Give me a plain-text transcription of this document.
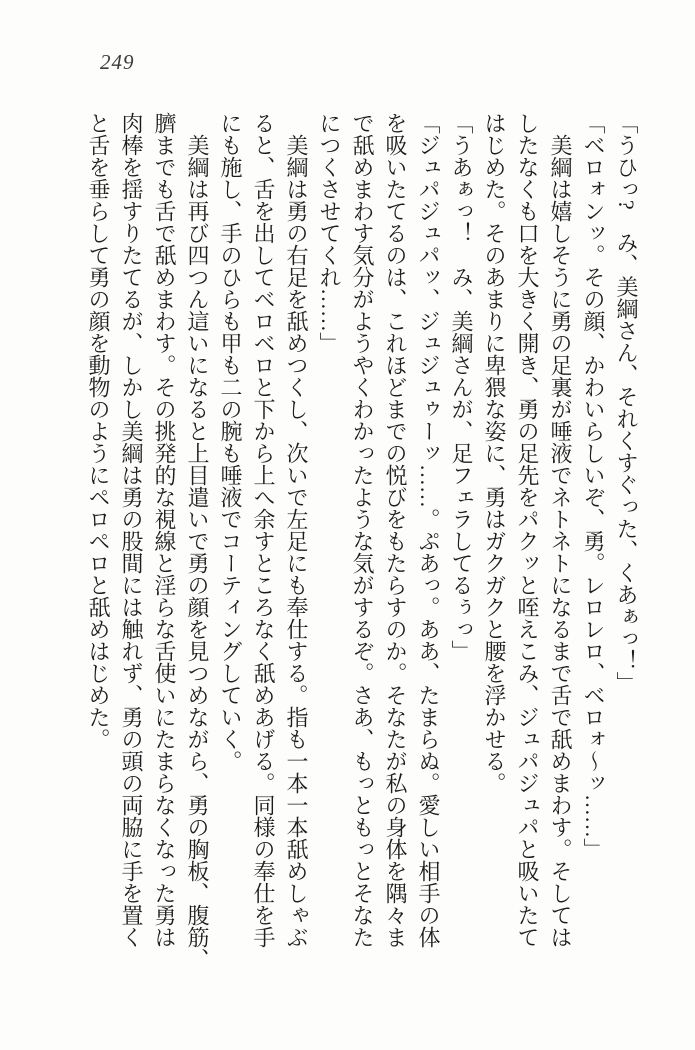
249
「うひっ?　み、美綱さん、それくすぐった、くあぁっ！」
「ベロォンッ。その顔、かわいらしいぞ、勇。レロレロ、ベロォ～ッ……」
　美綱は嬉しそうに勇の足裏が唾液でネトネトになるまで舌で舐めまわす。そしては
したなくも口を大きく開き、勇の足先をパクッと咥えこみ、ジュパジュパと吸いたて
はじめた。そのあまりに卑猥な姿に、勇はガクガクと腰を浮かせる。
「うあぁっ！　み、美綱さんが、足フェラしてるぅっ」
「ジュパジュパッ、ジュジュゥーッ……。ぷあっ。ああ、たまらぬ。愛しい相手の体
を吸いたてるのは、これほどまでの悦びをもたらすのか。そなたが私の身体を隅々ま
で舐めまわす気分がようやくわかったような気がするぞ。さあ、もっともっとそなた
につくさせてくれ……」
　美綱は勇の右足を舐めつくし、次いで左足にも奉仕する。指も一本一本舐めしゃぶ
ると、舌を出してベロベロと下から上へ余すところなく舐めあげる。同様の奉仕を手
にも施し、手のひらも甲も二の腕も唾液でコーティングしていく。
　美綱は再び四つん這いになると上目遣いで勇の顔を見つめながら、勇の胸板、腹筋、
臍までも舌で舐めまわす。その挑発的な視線と淫らな舌使いにたまらなくなった勇は
肉棒を揺すりたてるが、しかし美綱は勇の股間には触れず、勇の頭の両脇に手を置く
と舌を垂らして勇の顔を動物のようにペロペロと舐めはじめた。
